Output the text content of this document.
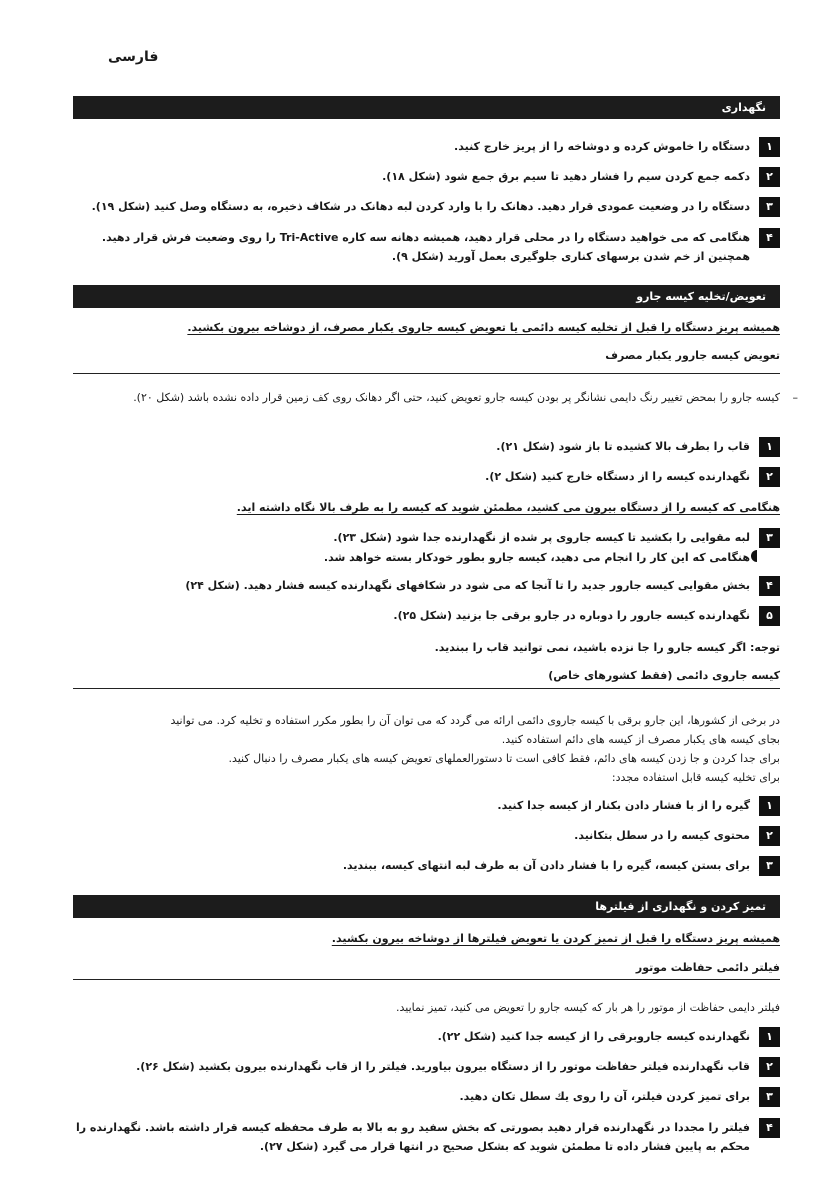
فارسی
نگهداری
۱
دستگاه را خاموش کرده و دوشاخه را از پریز خارج کنید.
۲
دکمه جمع کردن سیم را فشار دهید تا سیم برق جمع شود (شکل ۱۸).
۳
دستگاه را در وضعیت عمودی قرار دهید. دهانک را با وارد کردن لبه دهانک در شکاف ذخیره، به دستگاه وصل کنید (شکل ۱۹).
۴
هنگامی که می خواهید دستگاه را در محلی قرار دهید، همیشه دهانه سه کاره Tri-Active را روی وضعیت فرش قرار دهید. همچنین از خم شدن برسهای کناری جلوگیری بعمل آورید (شکل ۹).
تعویض/تخلیه کیسه جارو
همیشه پریز دستگاه را قبل از تخلیه کیسه دائمی یا تعویض کیسه جاروی یکبار مصرف، از دوشاخه بیرون بکشید.
تعویض کیسه جارور یکبار مصرف
–
کیسه جارو را بمحض تغییر رنگ دایمی نشانگر پر بودن کیسه جارو تعویض کنید، حتی اگر دهانک روی کف زمین قرار داده نشده باشد (شکل ۲۰).
۱
قاب را بطرف بالا کشیده تا باز شود (شکل ۲۱).
۲
نگهدارنده کیسه را از دستگاه خارج کنید (شکل ۲).
هنگامی که کیسه را از دستگاه بیرون می کشید، مطمئن شوید که کیسه را به طرف بالا نگاه داشته اید.
۳
لبه مقوایی را بکشید تا کیسه جاروی پر شده از نگهدارنده جدا شود (شکل ۲۳).
هنگامی که این کار را انجام می دهید، کیسه جارو بطور خودکار بسته خواهد شد.
۴
بخش مقوایی کیسه جارور جدید را تا آنجا که می شود در شکافهای نگهدارنده کیسه فشار دهید. (شکل ۲۴)
۵
نگهدارنده کیسه جارور را دوباره در جارو برقی جا بزنید (شکل ۲۵).
توجه: اگر کیسه جارو را جا نزده باشید، نمی توانید قاب را ببندید.
کیسه جاروی دائمی (فقط کشورهای خاص)
در برخی از کشورها، این جارو برقی با کیسه جاروی دائمی ارائه می گردد که می توان آن را بطور مکرر استفاده و تخلیه کرد. می توانید
بجای کیسه های یکبار مصرف از کیسه های دائم استفاده کنید.
برای جدا کردن و جا زدن کیسه های دائم، فقط کافی است تا دستورالعملهای تعویض کیسه های یکبار مصرف را دنبال کنید.
برای تخلیه کیسه قابل استفاده مجدد:
۱
گیره را از با فشار دادن بکنار از کیسه جدا کنید.
۲
محتوی کیسه را در سطل بتکانید.
۳
برای بستن کیسه، گیره را با فشار دادن آن به طرف لبه انتهای کیسه، ببندید.
تمیز کردن و نگهداری از فیلترها
همیشه پریز دستگاه را قبل از تمیز کردن یا تعویض فیلترها از دوشاخه بیرون بکشید.
فیلتر دائمی حفاظت موتور
فیلتر دایمی حفاظت از موتور را هر بار که کیسه جارو را تعویض می کنید، تمیز نمایید.
۱
نگهدارنده کیسه جاروبرقی را از کیسه جدا کنید (شکل ۲۲).
۲
قاب نگهدارنده فیلتر حفاظت موتور را از دستگاه بیرون بیاورید. فیلتر را از قاب نگهدارنده بیرون بکشید (شکل ۲۶).
۳
برای تمیز کردن فیلتر، آن را روی یك سطل تکان دهید.
۴
فیلتر را مجددا در نگهدارنده قرار دهید بصورتی که بخش سفید رو به بالا به طرف محفظه کیسه قرار داشته باشد. نگهدارنده را محکم به پایین فشار داده تا مطمئن شوید که بشکل صحیح در انتها قرار می گیرد (شکل ۲۷).
